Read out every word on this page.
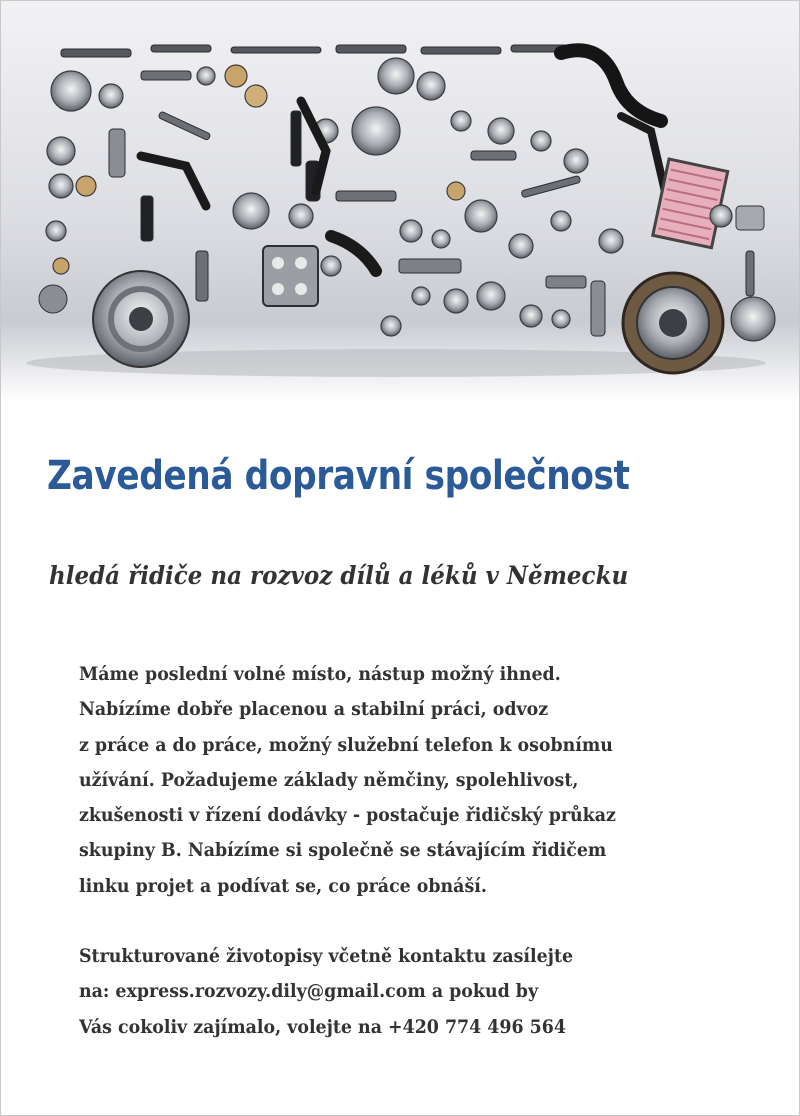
Zavedená dopravní společnost
hledá řidiče na rozvoz dílů a léků v Německu
Máme poslední volné místo, nástup možný ihned.
Nabízíme dobře placenou a stabilní práci, odvoz
z práce a do práce, možný služební telefon k osobnímu
užívání. Požadujeme základy němčiny, spolehlivost,
zkušenosti v řízení dodávky - postačuje řidičský průkaz
skupiny B. Nabízíme si společně se stávajícím řidičem
linku projet a podívat se, co práce obnáší.
Strukturované životopisy včetně kontaktu zasílejte
na: express.rozvozy.dily@gmail.com a pokud by
Vás cokoliv zajímalo, volejte na +420 774 496 564
